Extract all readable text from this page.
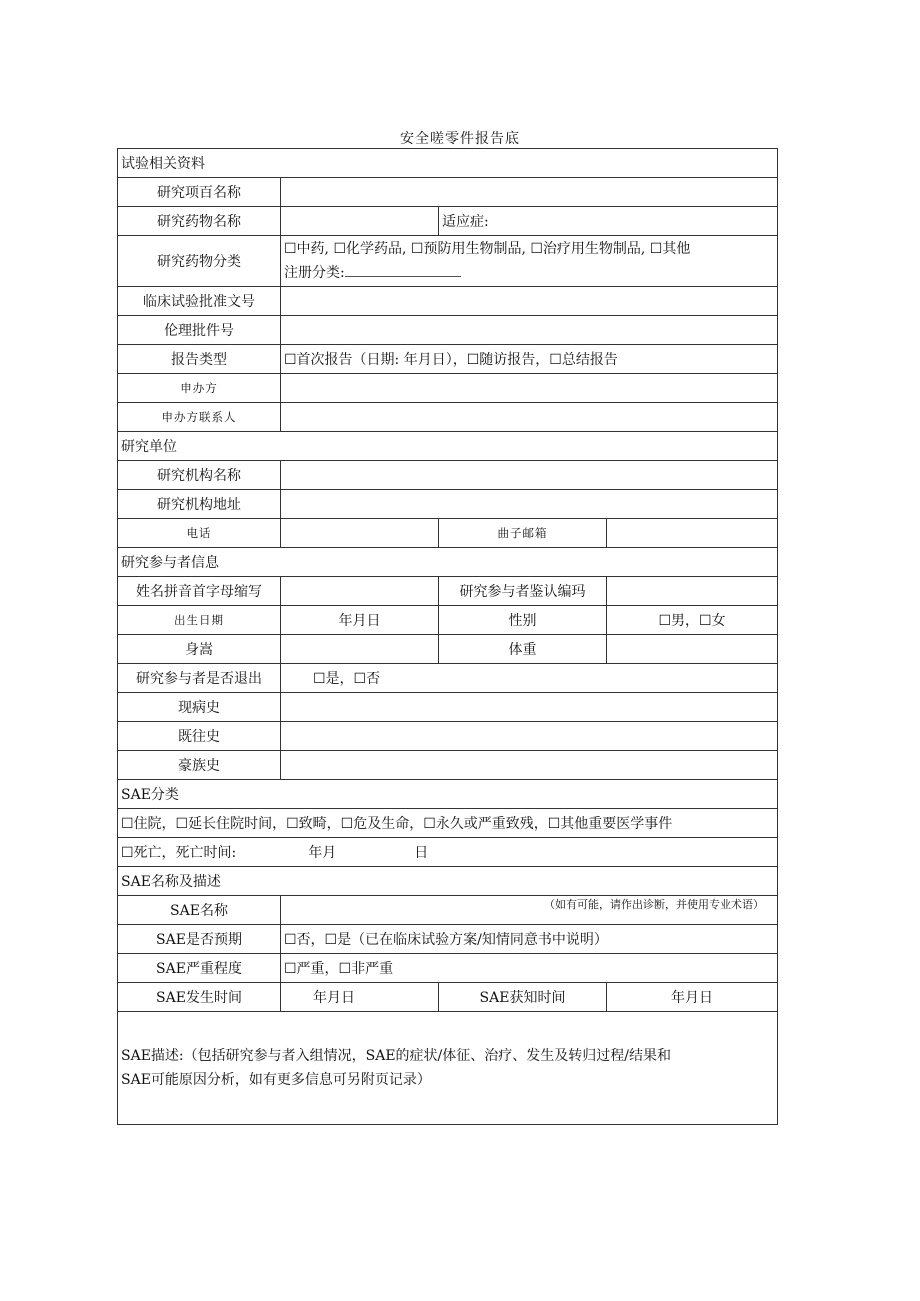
安全嗟零件报告底
试验相关资料			
研究项百名称			
研究药物名称		适应症:	
研究药物分类	☐中药, ☐化学药品, ☐预防用生物制品, ☐治疗用生物制品, ☐其他
注册分类:		

临床试验批准文号			
伦理批件号			
报告类型	☐首次报告（日期: 年月日），☐随访报告，☐总结报告		
申办方			
申办方联系人			
研究单位			
研究机构名称			
研究机构地址			
电话		曲子邮箱	
研究参与者信息			
姓名拼音首字母缩写		研究参与者鉴认编玛	
出生日期	年月日	性别	☐男，☐女
身嵩		体重	
研究参与者是否退出	☐是，☐否		
现病史			
既往史			
豪族史			
SAE分类			
☐住院，☐延长住院时间，☐致畸，☐危及生命，☐永久或严重致残，☐其他重要医学事件			
☐死亡，死亡时间: 年月 日			
SAE名称及描述			
SAE名称	（如有可能，请作出诊断，并使用专业术语）		

SAE是否预期	☐否，☐是（已在临床试验方案/知情同意书中说明）		
SAE严重程度	☐严重，☐非严重		
SAE发生时间	年月日	SAE获知时间	年月日

SAE描述:（包括研究参与者入组情况，SAE的症状/体征、治疗、发生及转归过程/结果和
SAE可能原因分析，如有更多信息可另附页记录）			
